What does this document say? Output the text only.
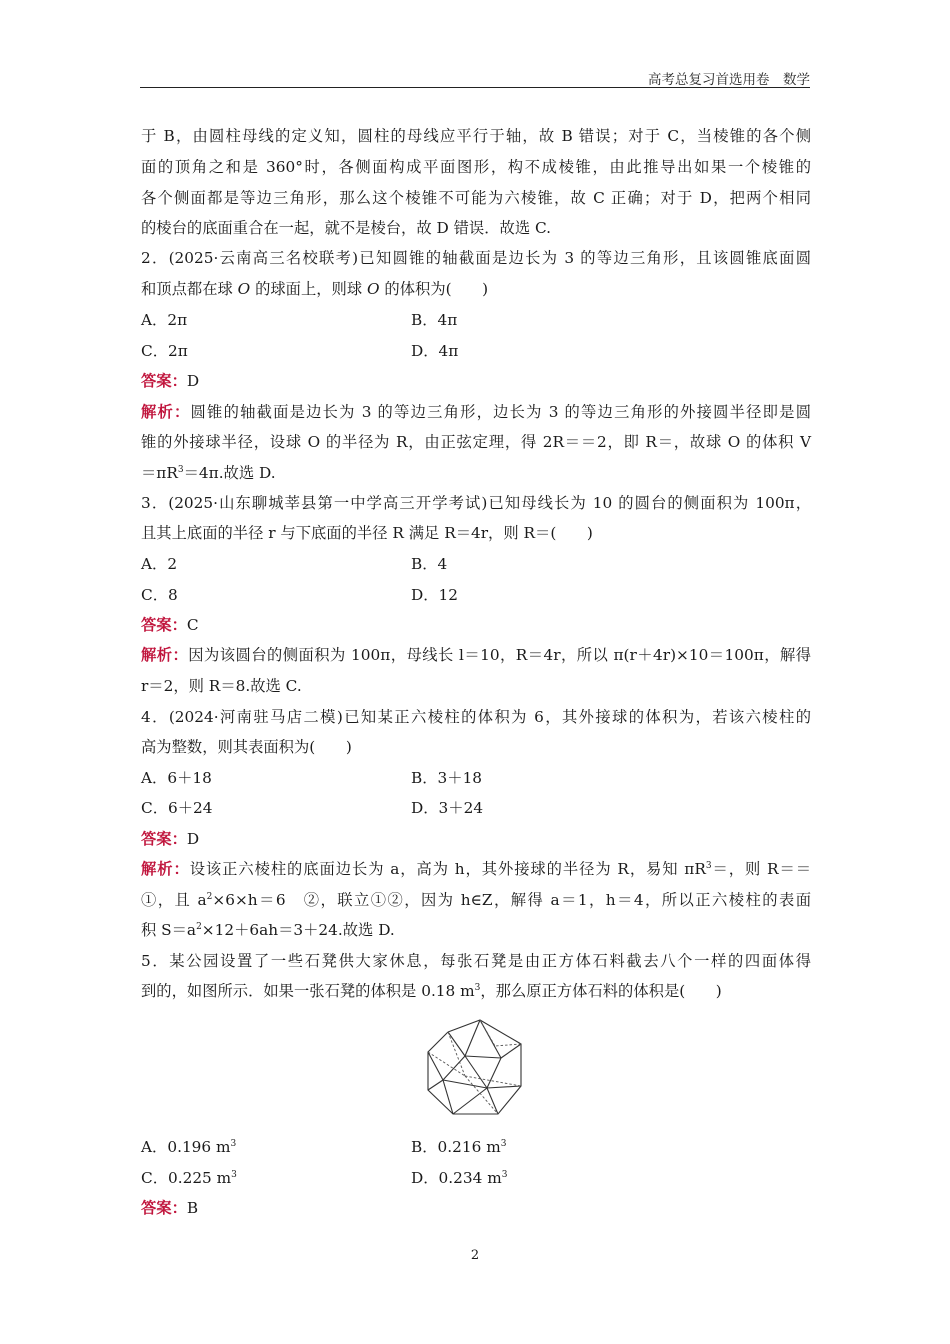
高考总复习首选用卷　数学
于 B，由圆柱母线的定义知，圆柱的母线应平行于轴，故 B 错误；对于 C，当棱锥的各个侧
面的顶角之和是 360°时，各侧面构成平面图形，构不成棱锥，由此推导出如果一个棱锥的
各个侧面都是等边三角形，那么这个棱锥不可能为六棱锥，故 C 正确；对于 D，把两个相同
的棱台的底面重合在一起，就不是棱台，故 D 错误．故选 C.
2．(2025·云南高三名校联考)已知圆锥的轴截面是边长为 3 的等边三角形，且该圆锥底面圆
和顶点都在球 O 的球面上，则球 O 的体积为(　　)
A．2π	B．4π
C．2π	D．4π
答案：D
解析：圆锥的轴截面是边长为 3 的等边三角形，边长为 3 的等边三角形的外接圆半径即是圆
锥的外接球半径，设球 O 的半径为 R，由正弦定理，得 2R＝＝2，即 R＝，故球 O 的体积 V
$=\pi R^3=4\pi$.故选 D.
3．(2025·山东聊城莘县第一中学高三开学考试)已知母线长为 10 的圆台的侧面积为 100π，
且其上底面的半径 r 与下底面的半径 R 满足 R＝4r，则 R＝(　　)
A．2	B．4
C．8	D．12
答案：C
解析：因为该圆台的侧面积为 100π，母线长 l＝10，R＝4r，所以 π(r＋4r)×10＝100π，解得
r＝2，则 R＝8.故选 C.
4．(2024·河南驻马店二模)已知某正六棱柱的体积为 6，其外接球的体积为，若该六棱柱的
高为整数，则其表面积为(　　)
A．6＋18	B．3＋18
C．6＋24	D．3＋24
答案：D
解析：设该正六棱柱的底面边长为 a，高为 h，其外接球的半径为 R，易知 $\pi R^3=$，则 R＝＝
①，且 $a^2\times 6\times h=6$　②，联立①②，因为 h∈Z，解得 a＝1，h＝4，所以正六棱柱的表面
积 $S=a^2\times 12+6ah=3+24$.故选 D.
5．某公园设置了一些石凳供大家休息，每张石凳是由正方体石料截去八个一样的四面体得
到的，如图所示．如果一张石凳的体积是 0.18 $m^3$，那么原正方体石料的体积是(　　)
A．0.196 $m^3$	B．0.216 $m^3$
C．0.225 $m^3$	D．0.234 $m^3$
答案：B
2
